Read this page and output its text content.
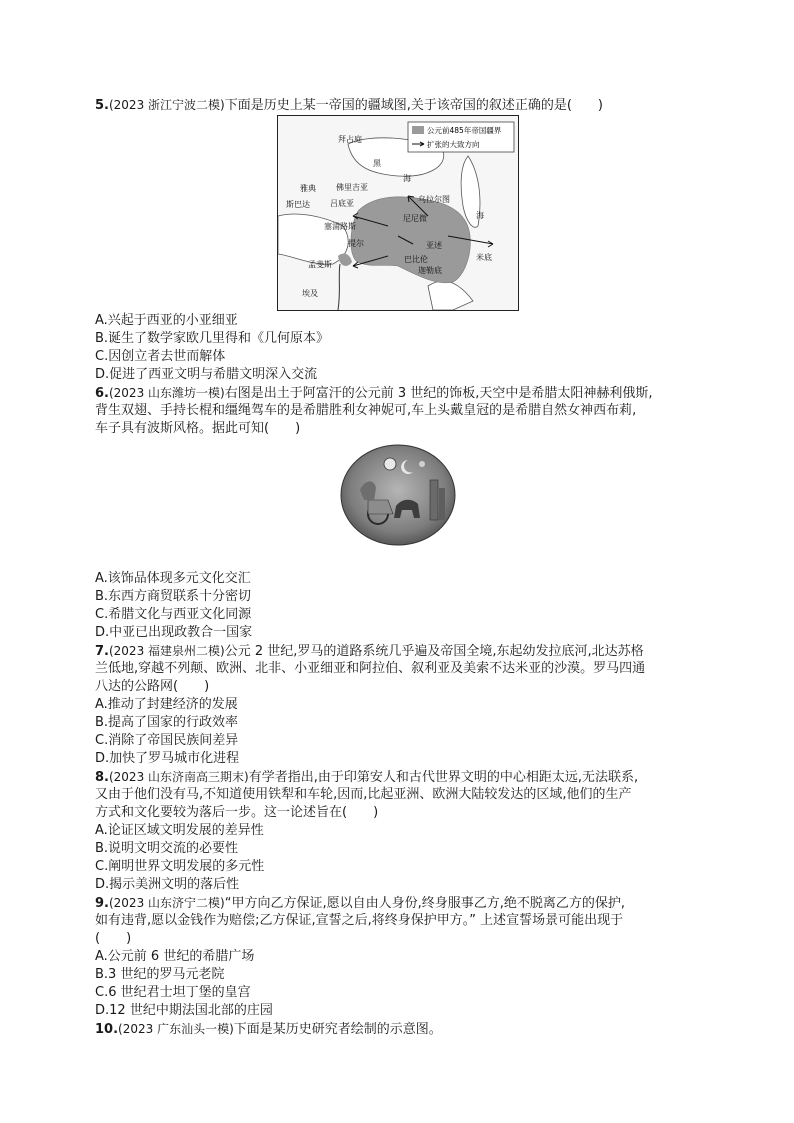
5.(2023 浙江宁波二模)下面是历史上某一帝国的疆域图,关于该帝国的叙述正确的是(　　)
公元前485年帝国疆界
扩张的大致方向
拜占庭
黑
海
雅典	佛里吉亚
斯巴达	吕底亚	乌拉尔图
尼尼微	海
塞浦路斯
提尔	亚述
米底
巴比伦
迦勒底
孟斐斯
埃及
A.兴起于西亚的小亚细亚
B.诞生了数学家欧几里得和《几何原本》
C.因创立者去世而解体
D.促进了西亚文明与希腊文明深入交流
6.(2023 山东潍坊一模)右图是出土于阿富汗的公元前 3 世纪的饰板,天空中是希腊太阳神赫利俄斯,
背生双翅、手持长棍和缰绳驾车的是希腊胜利女神妮可,车上头戴皇冠的是希腊自然女神西布莉,
车子具有波斯风格。据此可知(　　)
A.该饰品体现多元文化交汇
B.东西方商贸联系十分密切
C.希腊文化与西亚文化同源
D.中亚已出现政教合一国家
7.(2023 福建泉州二模)公元 2 世纪,罗马的道路系统几乎遍及帝国全境,东起幼发拉底河,北达苏格
兰低地,穿越不列颠、欧洲、北非、小亚细亚和阿拉伯、叙利亚及美索不达米亚的沙漠。罗马四通
八达的公路网(　　)
A.推动了封建经济的发展
B.提高了国家的行政效率
C.消除了帝国民族间差异
D.加快了罗马城市化进程
8.(2023 山东济南高三期末)有学者指出,由于印第安人和古代世界文明的中心相距太远,无法联系,
又由于他们没有马,不知道使用铁犁和车轮,因而,比起亚洲、欧洲大陆较发达的区域,他们的生产
方式和文化要较为落后一步。这一论述旨在(　　)
A.论证区域文明发展的差异性
B.说明文明交流的必要性
C.阐明世界文明发展的多元性
D.揭示美洲文明的落后性
9.(2023 山东济宁二模)“甲方向乙方保证,愿以自由人身份,终身服事乙方,绝不脱离乙方的保护,
如有违背,愿以金钱作为赔偿;乙方保证,宣誓之后,将终身保护甲方。” 上述宣誓场景可能出现于
(　　)
A.公元前 6 世纪的希腊广场
B.3 世纪的罗马元老院
C.6 世纪君士坦丁堡的皇宫
D.12 世纪中期法国北部的庄园
10.(2023 广东汕头一模)下面是某历史研究者绘制的示意图。
